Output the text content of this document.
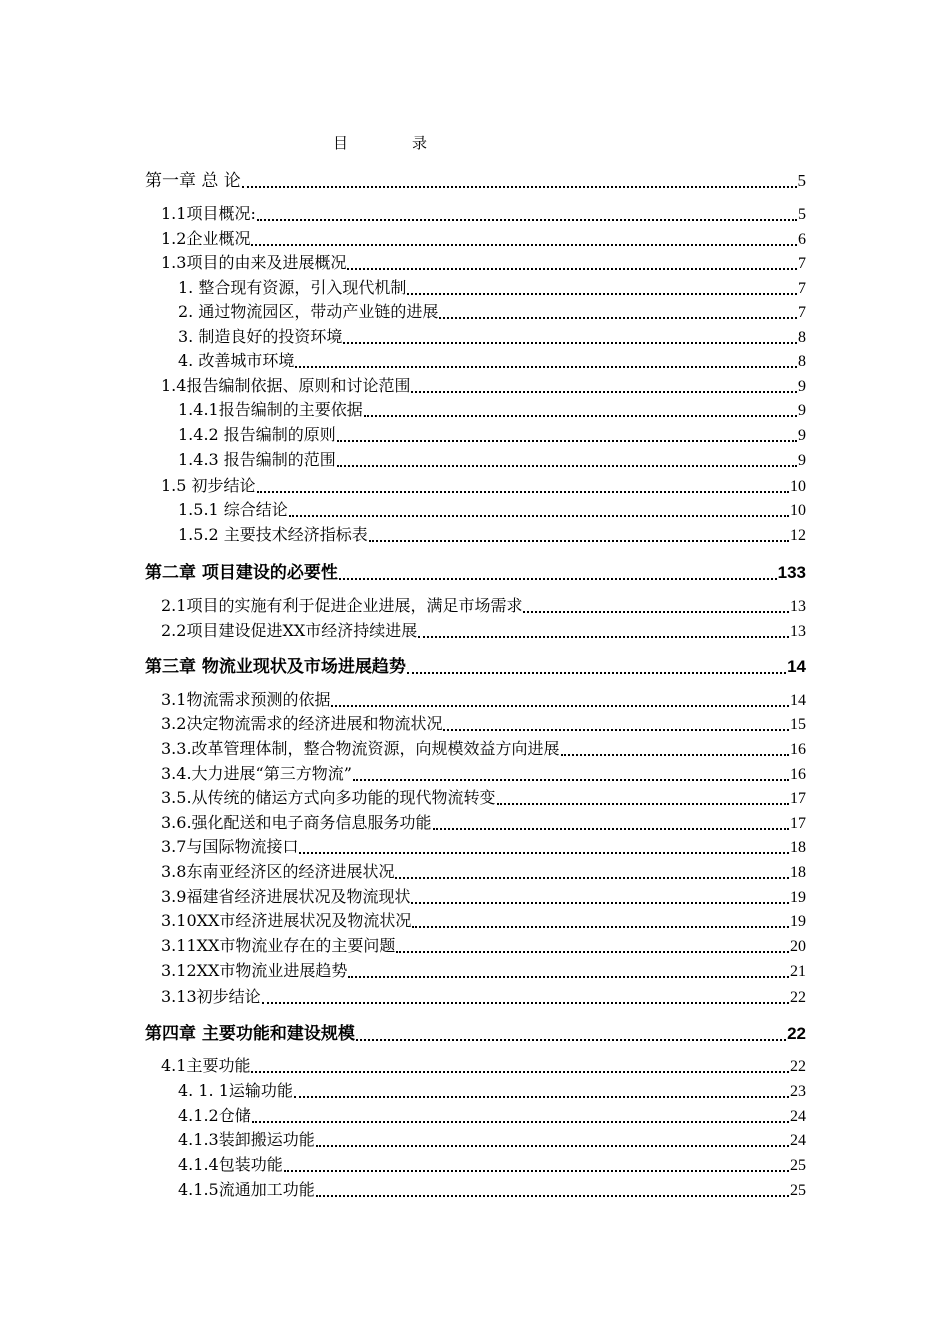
目	录
第一章 总 论	5
1.1项目概况:	5
1.2企业概况	6
1.3项目的由来及进展概况	7
1. 整合现有资源，引入现代机制	7
2. 通过物流园区，带动产业链的进展	7
3. 制造良好的投资环境	8
4. 改善城市环境	8
1.4报告编制依据、原则和讨论范围	9
1.4.1报告编制的主要依据	9
1.4.2 报告编制的原则	9
1.4.3 报告编制的范围	9
1.5 初步结论	10
1.5.1 综合结论	10
1.5.2 主要技术经济指标表	12
第二章 项目建设的必要性	133
2.1项目的实施有利于促进企业进展，满足市场需求	13
2.2项目建设促进XX市经济持续进展	13
第三章 物流业现状及市场进展趋势	14
3.1物流需求预测的依据	14
3.2决定物流需求的经济进展和物流状况	15
3.3.改革管理体制，整合物流资源，向规模效益方向进展	16
3.4.大力进展“第三方物流”	16
3.5.从传统的储运方式向多功能的现代物流转变	17
3.6.强化配送和电子商务信息服务功能	17
3.7与国际物流接口	18
3.8东南亚经济区的经济进展状况	18
3.9福建省经济进展状况及物流现状	19
3.10XX市经济进展状况及物流状况	19
3.11XX市物流业存在的主要问题	20
3.12XX市物流业进展趋势	21
3.13初步结论	22
第四章 主要功能和建设规模	22
4.1主要功能	22
4. 1. 1运输功能	23
4.1.2仓储	24
4.1.3装卸搬运功能	24
4.1.4包装功能	25
4.1.5流通加工功能	25
